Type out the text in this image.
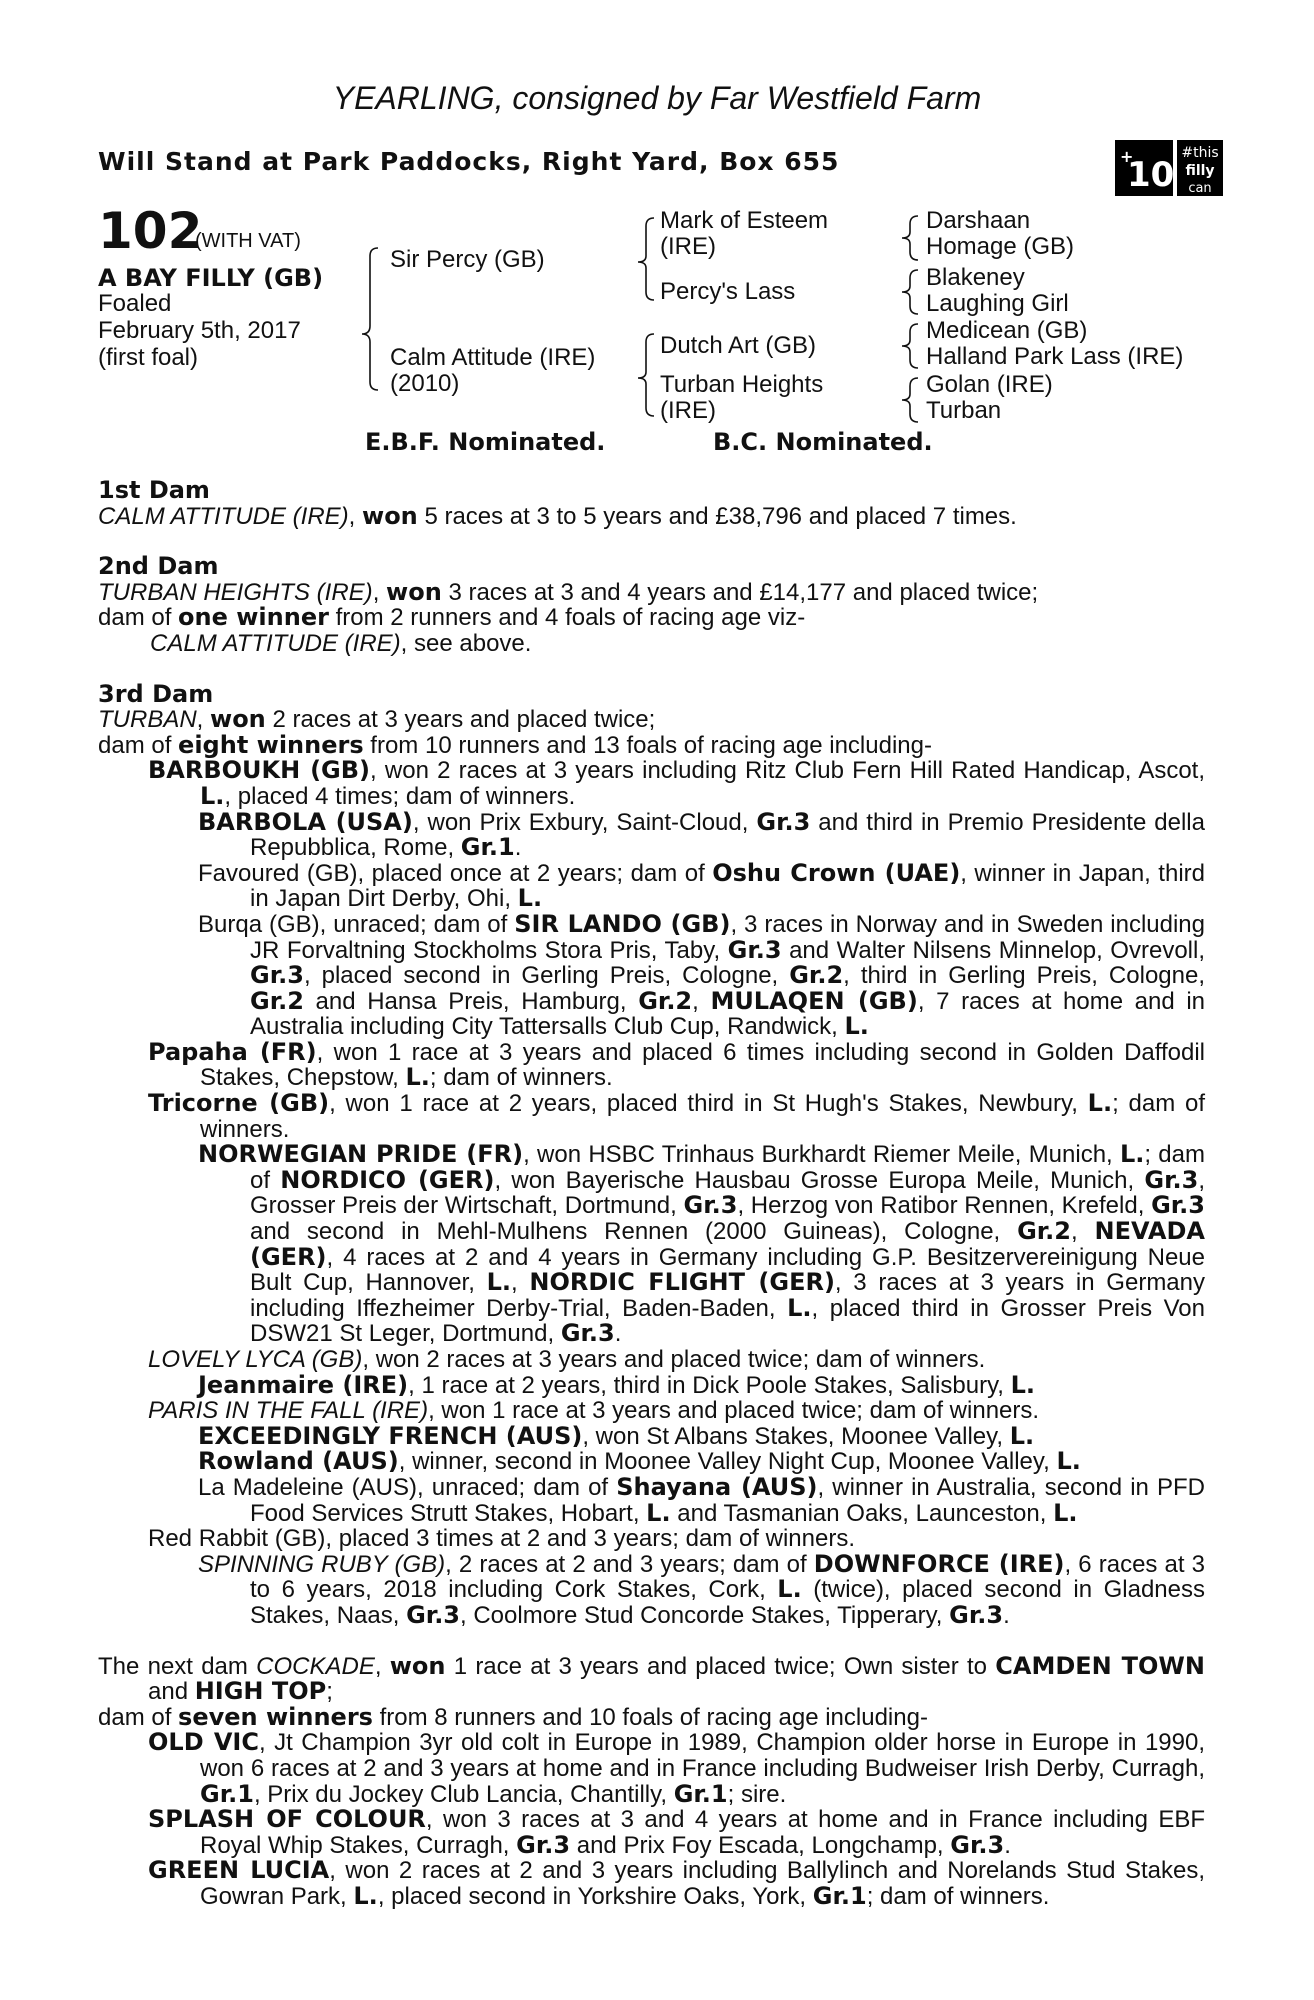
YEARLING, consigned by Far Westfield Farm
Will Stand at Park Paddocks, Right Yard, Box 655	+
10
#this
filly
can
102
(WITH VAT)
A BAY FILLY (GB)
Foaled
February 5th, 2017
(first foal)
Sir Percy (GB)
Calm Attitude (IRE)
(2010)
Mark of Esteem
(IRE)
Percy's Lass
Dutch Art (GB)
Turban Heights
(IRE)
Darshaan
Homage (GB)
Blakeney
Laughing Girl
Medicean (GB)
Halland Park Lass (IRE)
Golan (IRE)
Turban
E.B.F. Nominated.	B.C. Nominated.

1st Dam

CALM ATTITUDE (IRE), won 5 races at 3 to 5 years and £38,796 and placed 7 times.

2nd Dam

TURBAN HEIGHTS (IRE), won 3 races at 3 and 4 years and £14,177 and placed twice;

dam of one winner from 2 runners and 4 foals of racing age viz-

CALM ATTITUDE (IRE), see above.

3rd Dam

TURBAN, won 2 races at 3 years and placed twice;

dam of eight winners from 10 runners and 13 foals of racing age including-

BARBOUKH (GB), won 2 races at 3 years including Ritz Club Fern Hill Rated Handicap, Ascot, L., placed 4 times; dam of winners.

BARBOLA (USA), won Prix Exbury, Saint-Cloud, Gr.3 and third in Premio Presidente della Repubblica, Rome, Gr.1.

Favoured (GB), placed once at 2 years; dam of Oshu Crown (UAE), winner in Japan, third in Japan Dirt Derby, Ohi, L.

Burqa (GB), unraced; dam of SIR LANDO (GB), 3 races in Norway and in Sweden including JR Forvaltning Stockholms Stora Pris, Taby, Gr.3 and Walter Nilsens Minnelop, Ovrevoll, Gr.3, placed second in Gerling Preis, Cologne, Gr.2, third in Gerling Preis, Cologne, Gr.2 and Hansa Preis, Hamburg, Gr.2, MULAQEN (GB), 7 races at home and in Australia including City Tattersalls Club Cup, Randwick, L.

Papaha (FR), won 1 race at 3 years and placed 6 times including second in Golden Daffodil Stakes, Chepstow, L.; dam of winners.

Tricorne (GB), won 1 race at 2 years, placed third in St Hugh's Stakes, Newbury, L.; dam of winners.

NORWEGIAN PRIDE (FR), won HSBC Trinhaus Burkhardt Riemer Meile, Munich, L.; dam of NORDICO (GER), won Bayerische Hausbau Grosse Europa Meile, Munich, Gr.3, Grosser Preis der Wirtschaft, Dortmund, Gr.3, Herzog von Ratibor Rennen, Krefeld, Gr.3 and second in Mehl-Mulhens Rennen (2000 Guineas), Cologne, Gr.2, NEVADA (GER), 4 races at 2 and 4 years in Germany including G.P. Besitzervereinigung Neue Bult Cup, Hannover, L., NORDIC FLIGHT (GER), 3 races at 3 years in Germany including Iffezheimer Derby-Trial, Baden-Baden, L., placed third in Grosser Preis Von DSW21 St Leger, Dortmund, Gr.3.

LOVELY LYCA (GB), won 2 races at 3 years and placed twice; dam of winners.

Jeanmaire (IRE), 1 race at 2 years, third in Dick Poole Stakes, Salisbury, L.

PARIS IN THE FALL (IRE), won 1 race at 3 years and placed twice; dam of winners.

EXCEEDINGLY FRENCH (AUS), won St Albans Stakes, Moonee Valley, L.

Rowland (AUS), winner, second in Moonee Valley Night Cup, Moonee Valley, L.

La Madeleine (AUS), unraced; dam of Shayana (AUS), winner in Australia, second in PFD Food Services Strutt Stakes, Hobart, L. and Tasmanian Oaks, Launceston, L.

Red Rabbit (GB), placed 3 times at 2 and 3 years; dam of winners.

SPINNING RUBY (GB), 2 races at 2 and 3 years; dam of DOWNFORCE (IRE), 6 races at 3 to 6 years, 2018 including Cork Stakes, Cork, L. (twice), placed second in Gladness Stakes, Naas, Gr.3, Coolmore Stud Concorde Stakes, Tipperary, Gr.3.

The next dam COCKADE, won 1 race at 3 years and placed twice; Own sister to CAMDEN TOWN and HIGH TOP;

dam of seven winners from 8 runners and 10 foals of racing age including-

OLD VIC, Jt Champion 3yr old colt in Europe in 1989, Champion older horse in Europe in 1990, won 6 races at 2 and 3 years at home and in France including Budweiser Irish Derby, Curragh, Gr.1, Prix du Jockey Club Lancia, Chantilly, Gr.1; sire.

SPLASH OF COLOUR, won 3 races at 3 and 4 years at home and in France including EBF Royal Whip Stakes, Curragh, Gr.3 and Prix Foy Escada, Longchamp, Gr.3.

GREEN LUCIA, won 2 races at 2 and 3 years including Ballylinch and Norelands Stud Stakes, Gowran Park, L., placed second in Yorkshire Oaks, York, Gr.1; dam of winners.
